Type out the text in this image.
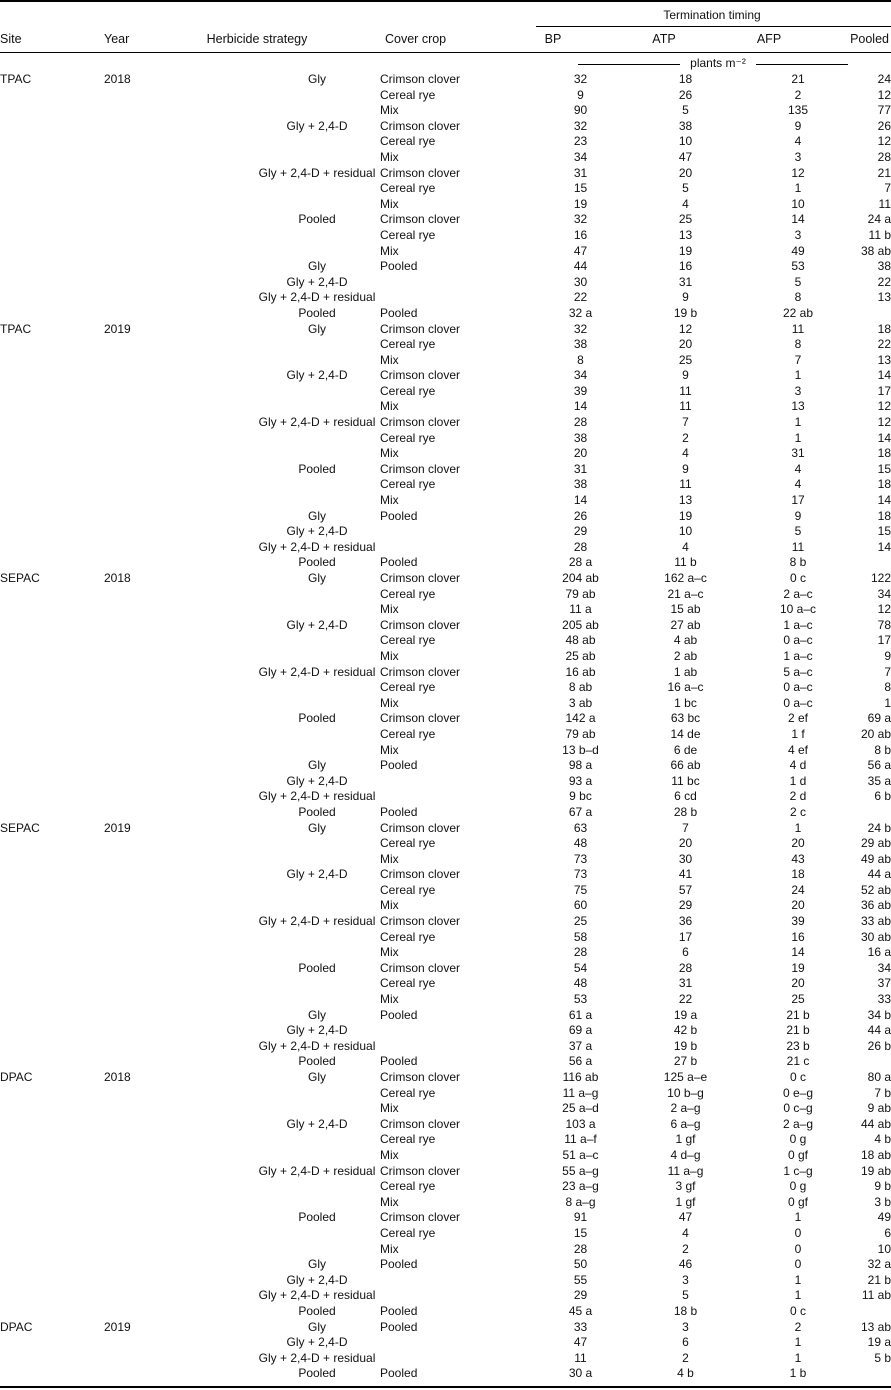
Termination timing
Site	Year	Herbicide strategy	Cover crop	BP	ATP	AFP	Pooled
plants m⁻²
TPAC	2018	Gly	Crimson clover	32	18	21	24
			Cereal rye	9	26	2	12
			Mix	90	5	135	77
		Gly + 2,4-D	Crimson clover	32	38	9	26
			Cereal rye	23	10	4	12
			Mix	34	47	3	28
		Gly + 2,4-D + residual	Crimson clover	31	20	12	21
			Cereal rye	15	5	1	7
			Mix	19	4	10	11
		Pooled	Crimson clover	32	25	14	24 a
			Cereal rye	16	13	3	11 b
			Mix	47	19	49	38 ab
		Gly	Pooled	44	16	53	38
		Gly + 2,4-D		30	31	5	22
		Gly + 2,4-D + residual		22	9	8	13
		Pooled	Pooled	32 a	19 b	22 ab	
TPAC	2019	Gly	Crimson clover	32	12	11	18
			Cereal rye	38	20	8	22
			Mix	8	25	7	13
		Gly + 2,4-D	Crimson clover	34	9	1	14
			Cereal rye	39	11	3	17
			Mix	14	11	13	12
		Gly + 2,4-D + residual	Crimson clover	28	7	1	12
			Cereal rye	38	2	1	14
			Mix	20	4	31	18
		Pooled	Crimson clover	31	9	4	15
			Cereal rye	38	11	4	18
			Mix	14	13	17	14
		Gly	Pooled	26	19	9	18
		Gly + 2,4-D		29	10	5	15
		Gly + 2,4-D + residual		28	4	11	14
		Pooled	Pooled	28 a	11 b	8 b	
SEPAC	2018	Gly	Crimson clover	204 ab	162 a–c	0 c	122
			Cereal rye	79 ab	21 a–c	2 a–c	34
			Mix	11 a	15 ab	10 a–c	12
		Gly + 2,4-D	Crimson clover	205 ab	27 ab	1 a–c	78
			Cereal rye	48 ab	4 ab	0 a–c	17
			Mix	25 ab	2 ab	1 a–c	9
		Gly + 2,4-D + residual	Crimson clover	16 ab	1 ab	5 a–c	7
			Cereal rye	8 ab	16 a–c	0 a–c	8
			Mix	3 ab	1 bc	0 a–c	1
		Pooled	Crimson clover	142 a	63 bc	2 ef	69 a
			Cereal rye	79 ab	14 de	1 f	20 ab
			Mix	13 b–d	6 de	4 ef	8 b
		Gly	Pooled	98 a	66 ab	4 d	56 a
		Gly + 2,4-D		93 a	11 bc	1 d	35 a
		Gly + 2,4-D + residual		9 bc	6 cd	2 d	6 b
		Pooled	Pooled	67 a	28 b	2 c	
SEPAC	2019	Gly	Crimson clover	63	7	1	24 b
			Cereal rye	48	20	20	29 ab
			Mix	73	30	43	49 ab
		Gly + 2,4-D	Crimson clover	73	41	18	44 a
			Cereal rye	75	57	24	52 ab
			Mix	60	29	20	36 ab
		Gly + 2,4-D + residual	Crimson clover	25	36	39	33 ab
			Cereal rye	58	17	16	30 ab
			Mix	28	6	14	16 a
		Pooled	Crimson clover	54	28	19	34
			Cereal rye	48	31	20	37
			Mix	53	22	25	33
		Gly	Pooled	61 a	19 a	21 b	34 b
		Gly + 2,4-D		69 a	42 b	21 b	44 a
		Gly + 2,4-D + residual		37 a	19 b	23 b	26 b
		Pooled	Pooled	56 a	27 b	21 c	
DPAC	2018	Gly	Crimson clover	116 ab	125 a–e	0 c	80 a
			Cereal rye	11 a–g	10 b–g	0 e–g	7 b
			Mix	25 a–d	2 a–g	0 c–g	9 ab
		Gly + 2,4-D	Crimson clover	103 a	6 a–g	2 a–g	44 ab
			Cereal rye	11 a–f	1 gf	0 g	4 b
			Mix	51 a–c	4 d–g	0 gf	18 ab
		Gly + 2,4-D + residual	Crimson clover	55 a–g	11 a–g	1 c–g	19 ab
			Cereal rye	23 a–g	3 gf	0 g	9 b
			Mix	8 a–g	1 gf	0 gf	3 b
		Pooled	Crimson clover	91	47	1	49
			Cereal rye	15	4	0	6
			Mix	28	2	0	10
		Gly	Pooled	50	46	0	32 a
		Gly + 2,4-D		55	3	1	21 b
		Gly + 2,4-D + residual		29	5	1	11 ab
		Pooled	Pooled	45 a	18 b	0 c	
DPAC	2019	Gly	Pooled	33	3	2	13 ab
		Gly + 2,4-D		47	6	1	19 a
		Gly + 2,4-D + residual		11	2	1	5 b
		Pooled	Pooled	30 a	4 b	1 b	
